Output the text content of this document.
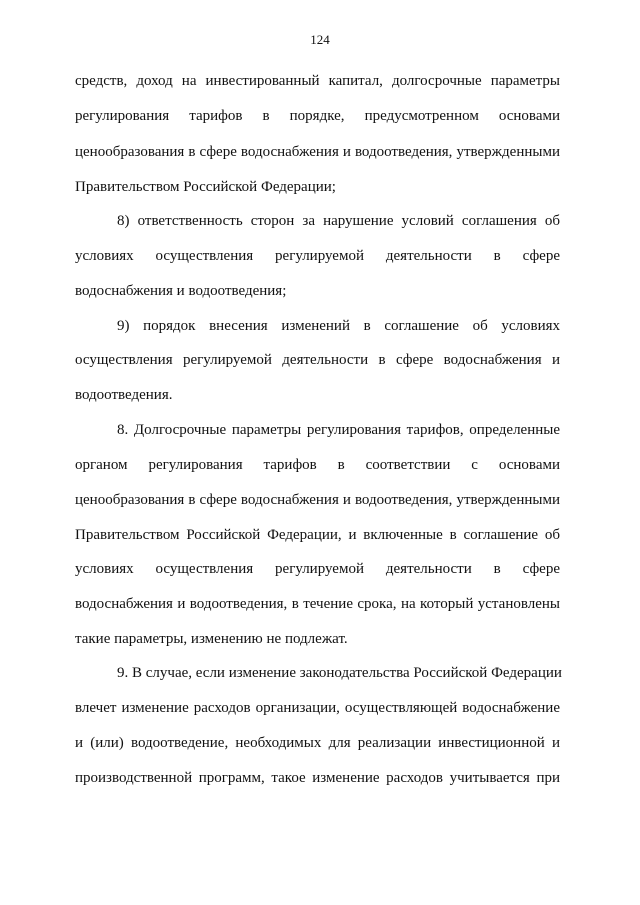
124
средств, доход на инвестированный капитал, долгосрочные параметры
регулирования тарифов в порядке, предусмотренном основами
ценообразования в сфере водоснабжения и водоотведения, утвержденными
Правительством Российской Федерации;
8) ответственность сторон за нарушение условий соглашения об
условиях осуществления регулируемой деятельности в сфере
водоснабжения и водоотведения;
9) порядок внесения изменений в соглашение об условиях
осуществления регулируемой деятельности в сфере водоснабжения и
водоотведения.
8. Долгосрочные параметры регулирования тарифов, определенные
органом регулирования тарифов в соответствии с основами
ценообразования в сфере водоснабжения и водоотведения, утвержденными
Правительством Российской Федерации, и включенные в соглашение об
условиях осуществления регулируемой деятельности в сфере
водоснабжения и водоотведения, в течение срока, на который установлены
такие параметры, изменению не подлежат.
9. В случае, если изменение законодательства Российской Федерации
влечет изменение расходов организации, осуществляющей водоснабжение
и (или) водоотведение, необходимых для реализации инвестиционной и
производственной программ, такое изменение расходов учитывается при
